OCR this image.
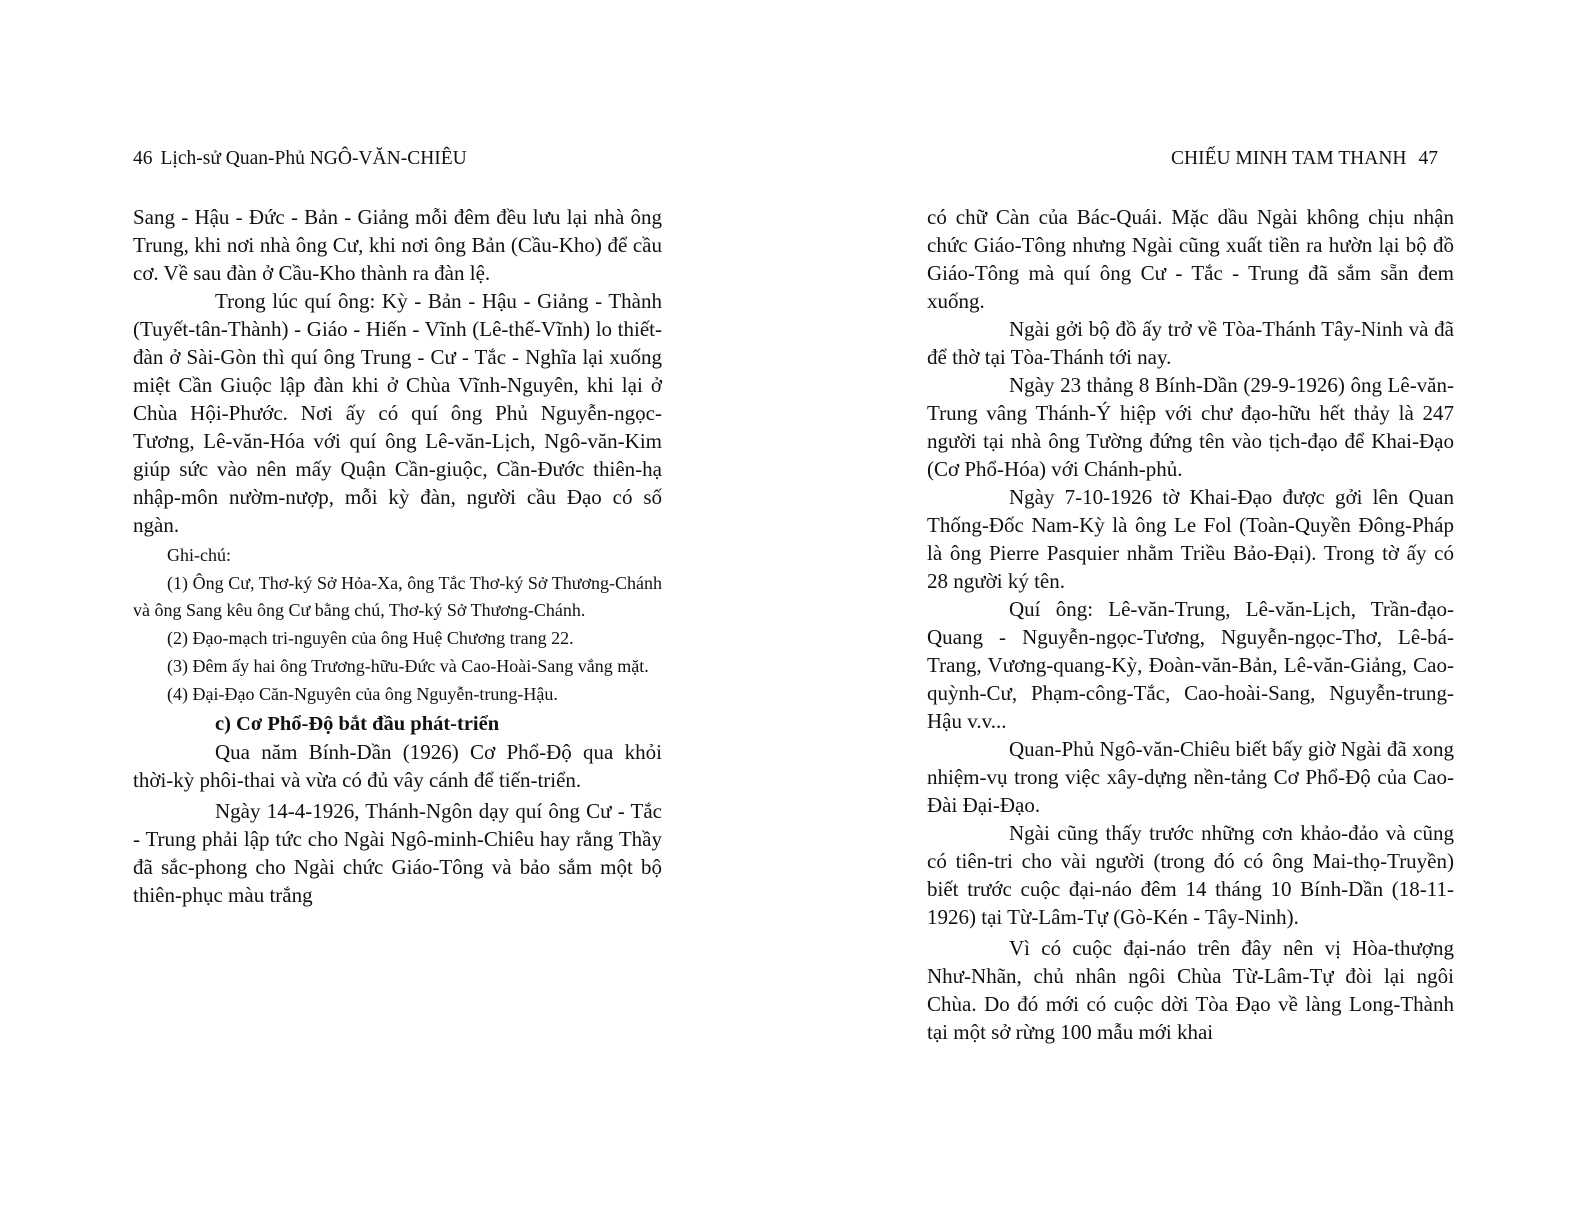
46 Lịch-sử Quan-Phủ NGÔ-VĂN-CHIÊU

Sang - Hậu - Đức - Bản - Giảng mỗi đêm đều lưu lại nhà ông Trung, khi nơi nhà ông Cư, khi nơi ông Bản (Cầu-Kho) để cầu cơ. Về sau đàn ở Cầu-Kho thành ra đàn lệ.

Trong lúc quí ông: Kỳ - Bản - Hậu - Giảng - Thành (Tuyết-tân-Thành) - Giáo - Hiến - Vĩnh (Lê-thế-Vĩnh) lo thiết-đàn ở Sài-Gòn thì quí ông Trung - Cư - Tắc - Nghĩa lại xuống miệt Cần Giuộc lập đàn khi ở Chùa Vĩnh-Nguyên, khi lại ở Chùa Hội-Phước. Nơi ấy có quí ông Phủ Nguyễn-ngọc-Tương, Lê-văn-Hóa với quí ông Lê-văn-Lịch, Ngô-văn-Kim giúp sức vào nên mấy Quận Cần-giuộc, Cần-Đước thiên-hạ nhập-môn nườm-nượp, mỗi kỳ đàn, người cầu Đạo có số ngàn.

Ghi-chú:

(1) Ông Cư, Thơ-ký Sở Hỏa-Xa, ông Tắc Thơ-ký Sở Thương-Chánh và ông Sang kêu ông Cư bằng chú, Thơ-ký Sở Thương-Chánh.

(2) Đạo-mạch tri-nguyên của ông Huệ Chương trang 22.

(3) Đêm ấy hai ông Trương-hữu-Đức và Cao-Hoài-Sang vắng mặt.

(4) Đại-Đạo Căn-Nguyên của ông Nguyễn-trung-Hậu.

c) Cơ Phổ-Độ bắt đầu phát-triển

Qua năm Bính-Dần (1926) Cơ Phổ-Độ qua khỏi thời-kỳ phôi-thai và vừa có đủ vây cánh để tiến-triển.

Ngày 14-4-1926, Thánh-Ngôn dạy quí ông Cư - Tắc - Trung phải lập tức cho Ngài Ngô-minh-Chiêu hay rằng Thầy đã sắc-phong cho Ngài chức Giáo-Tông và bảo sắm một bộ thiên-phục màu trắng

CHIẾU MINH TAM THANH 47

có chữ Càn của Bác-Quái. Mặc dầu Ngài không chịu nhận chức Giáo-Tông nhưng Ngài cũng xuất tiền ra hườn lại bộ đồ Giáo-Tông mà quí ông Cư - Tắc - Trung đã sắm sẵn đem xuống.

Ngài gởi bộ đồ ấy trở về Tòa-Thánh Tây-Ninh và đã để thờ tại Tòa-Thánh tới nay.

Ngày 23 thảng 8 Bính-Dần (29-9-1926) ông Lê-văn-Trung vâng Thánh-Ý hiệp với chư đạo-hữu hết thảy là 247 người tại nhà ông Tường đứng tên vào tịch-đạo để Khai-Đạo (Cơ Phổ-Hóa) với Chánh-phủ.

Ngày 7-10-1926 tờ Khai-Đạo được gởi lên Quan Thống-Đốc Nam-Kỳ là ông Le Fol (Toàn-Quyền Đông-Pháp là ông Pierre Pasquier nhằm Triều Bảo-Đại). Trong tờ ấy có 28 người ký tên.

Quí ông: Lê-văn-Trung, Lê-văn-Lịch, Trần-đạo-Quang - Nguyễn-ngọc-Tương, Nguyễn-ngọc-Thơ, Lê-bá-Trang, Vương-quang-Kỳ, Đoàn-văn-Bản, Lê-văn-Giảng, Cao-quỳnh-Cư, Phạm-công-Tắc, Cao-hoài-Sang, Nguyễn-trung-Hậu v.v...

Quan-Phủ Ngô-văn-Chiêu biết bấy giờ Ngài đã xong nhiệm-vụ trong việc xây-dựng nền-tảng Cơ Phổ-Độ của Cao-Đài Đại-Đạo.

Ngài cũng thấy trước những cơn khảo-đảo và cũng có tiên-tri cho vài người (trong đó có ông Mai-thọ-Truyền) biết trước cuộc đại-náo đêm 14 tháng 10 Bính-Dần (18-11-1926) tại Từ-Lâm-Tự (Gò-Kén - Tây-Ninh).

Vì có cuộc đại-náo trên đây nên vị Hòa-thượng Như-Nhãn, chủ nhân ngôi Chùa Từ-Lâm-Tự đòi lại ngôi Chùa. Do đó mới có cuộc dời Tòa Đạo về làng Long-Thành tại một sở rừng 100 mẫu mới khai
